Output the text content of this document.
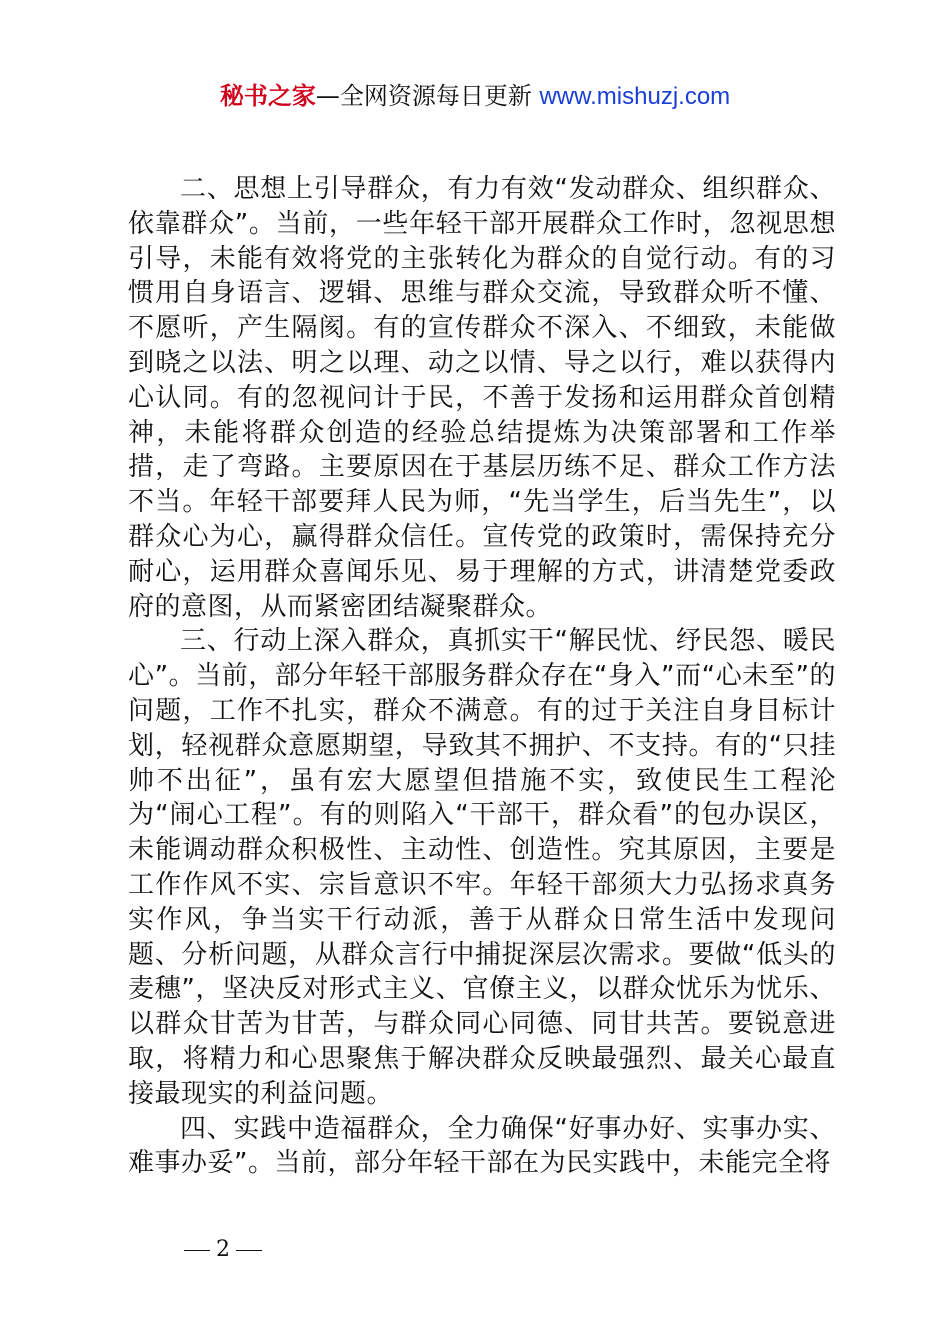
秘书之家—全网资源每日更新 www.mishuzj.com

二、思想上引导群众，有力有效“发动群众、组织群众、依靠群众”。当前，一些年轻干部开展群众工作时，忽视思想引导，未能有效将党的主张转化为群众的自觉行动。有的习惯用自身语言、逻辑、思维与群众交流，导致群众听不懂、不愿听，产生隔阂。有的宣传群众不深入、不细致，未能做到晓之以法、明之以理、动之以情、导之以行，难以获得内心认同。有的忽视问计于民，不善于发扬和运用群众首创精神，未能将群众创造的经验总结提炼为决策部署和工作举措，走了弯路。主要原因在于基层历练不足、群众工作方法不当。年轻干部要拜人民为师，“先当学生，后当先生”，以群众心为心，赢得群众信任。宣传党的政策时，需保持充分耐心，运用群众喜闻乐见、易于理解的方式，讲清楚党委政府的意图，从而紧密团结凝聚群众。

三、行动上深入群众，真抓实干“解民忧、纾民怨、暖民心”。当前，部分年轻干部服务群众存在“身入”而“心未至”的问题，工作不扎实，群众不满意。有的过于关注自身目标计划，轻视群众意愿期望，导致其不拥护、不支持。有的“只挂帅不出征”，虽有宏大愿望但措施不实，致使民生工程沦为“闹心工程”。有的则陷入“干部干，群众看”的包办误区，未能调动群众积极性、主动性、创造性。究其原因，主要是工作作风不实、宗旨意识不牢。年轻干部须大力弘扬求真务实作风，争当实干行动派，善于从群众日常生活中发现问题、分析问题，从群众言行中捕捉深层次需求。要做“低头的麦穗”，坚决反对形式主义、官僚主义，以群众忧乐为忧乐、以群众甘苦为甘苦，与群众同心同德、同甘共苦。要锐意进取，将精力和心思聚焦于解决群众反映最强烈、最关心最直接最现实的利益问题。

四、实践中造福群众，全力确保“好事办好、实事办实、难事办妥”。当前，部分年轻干部在为民实践中，未能完全将

2
